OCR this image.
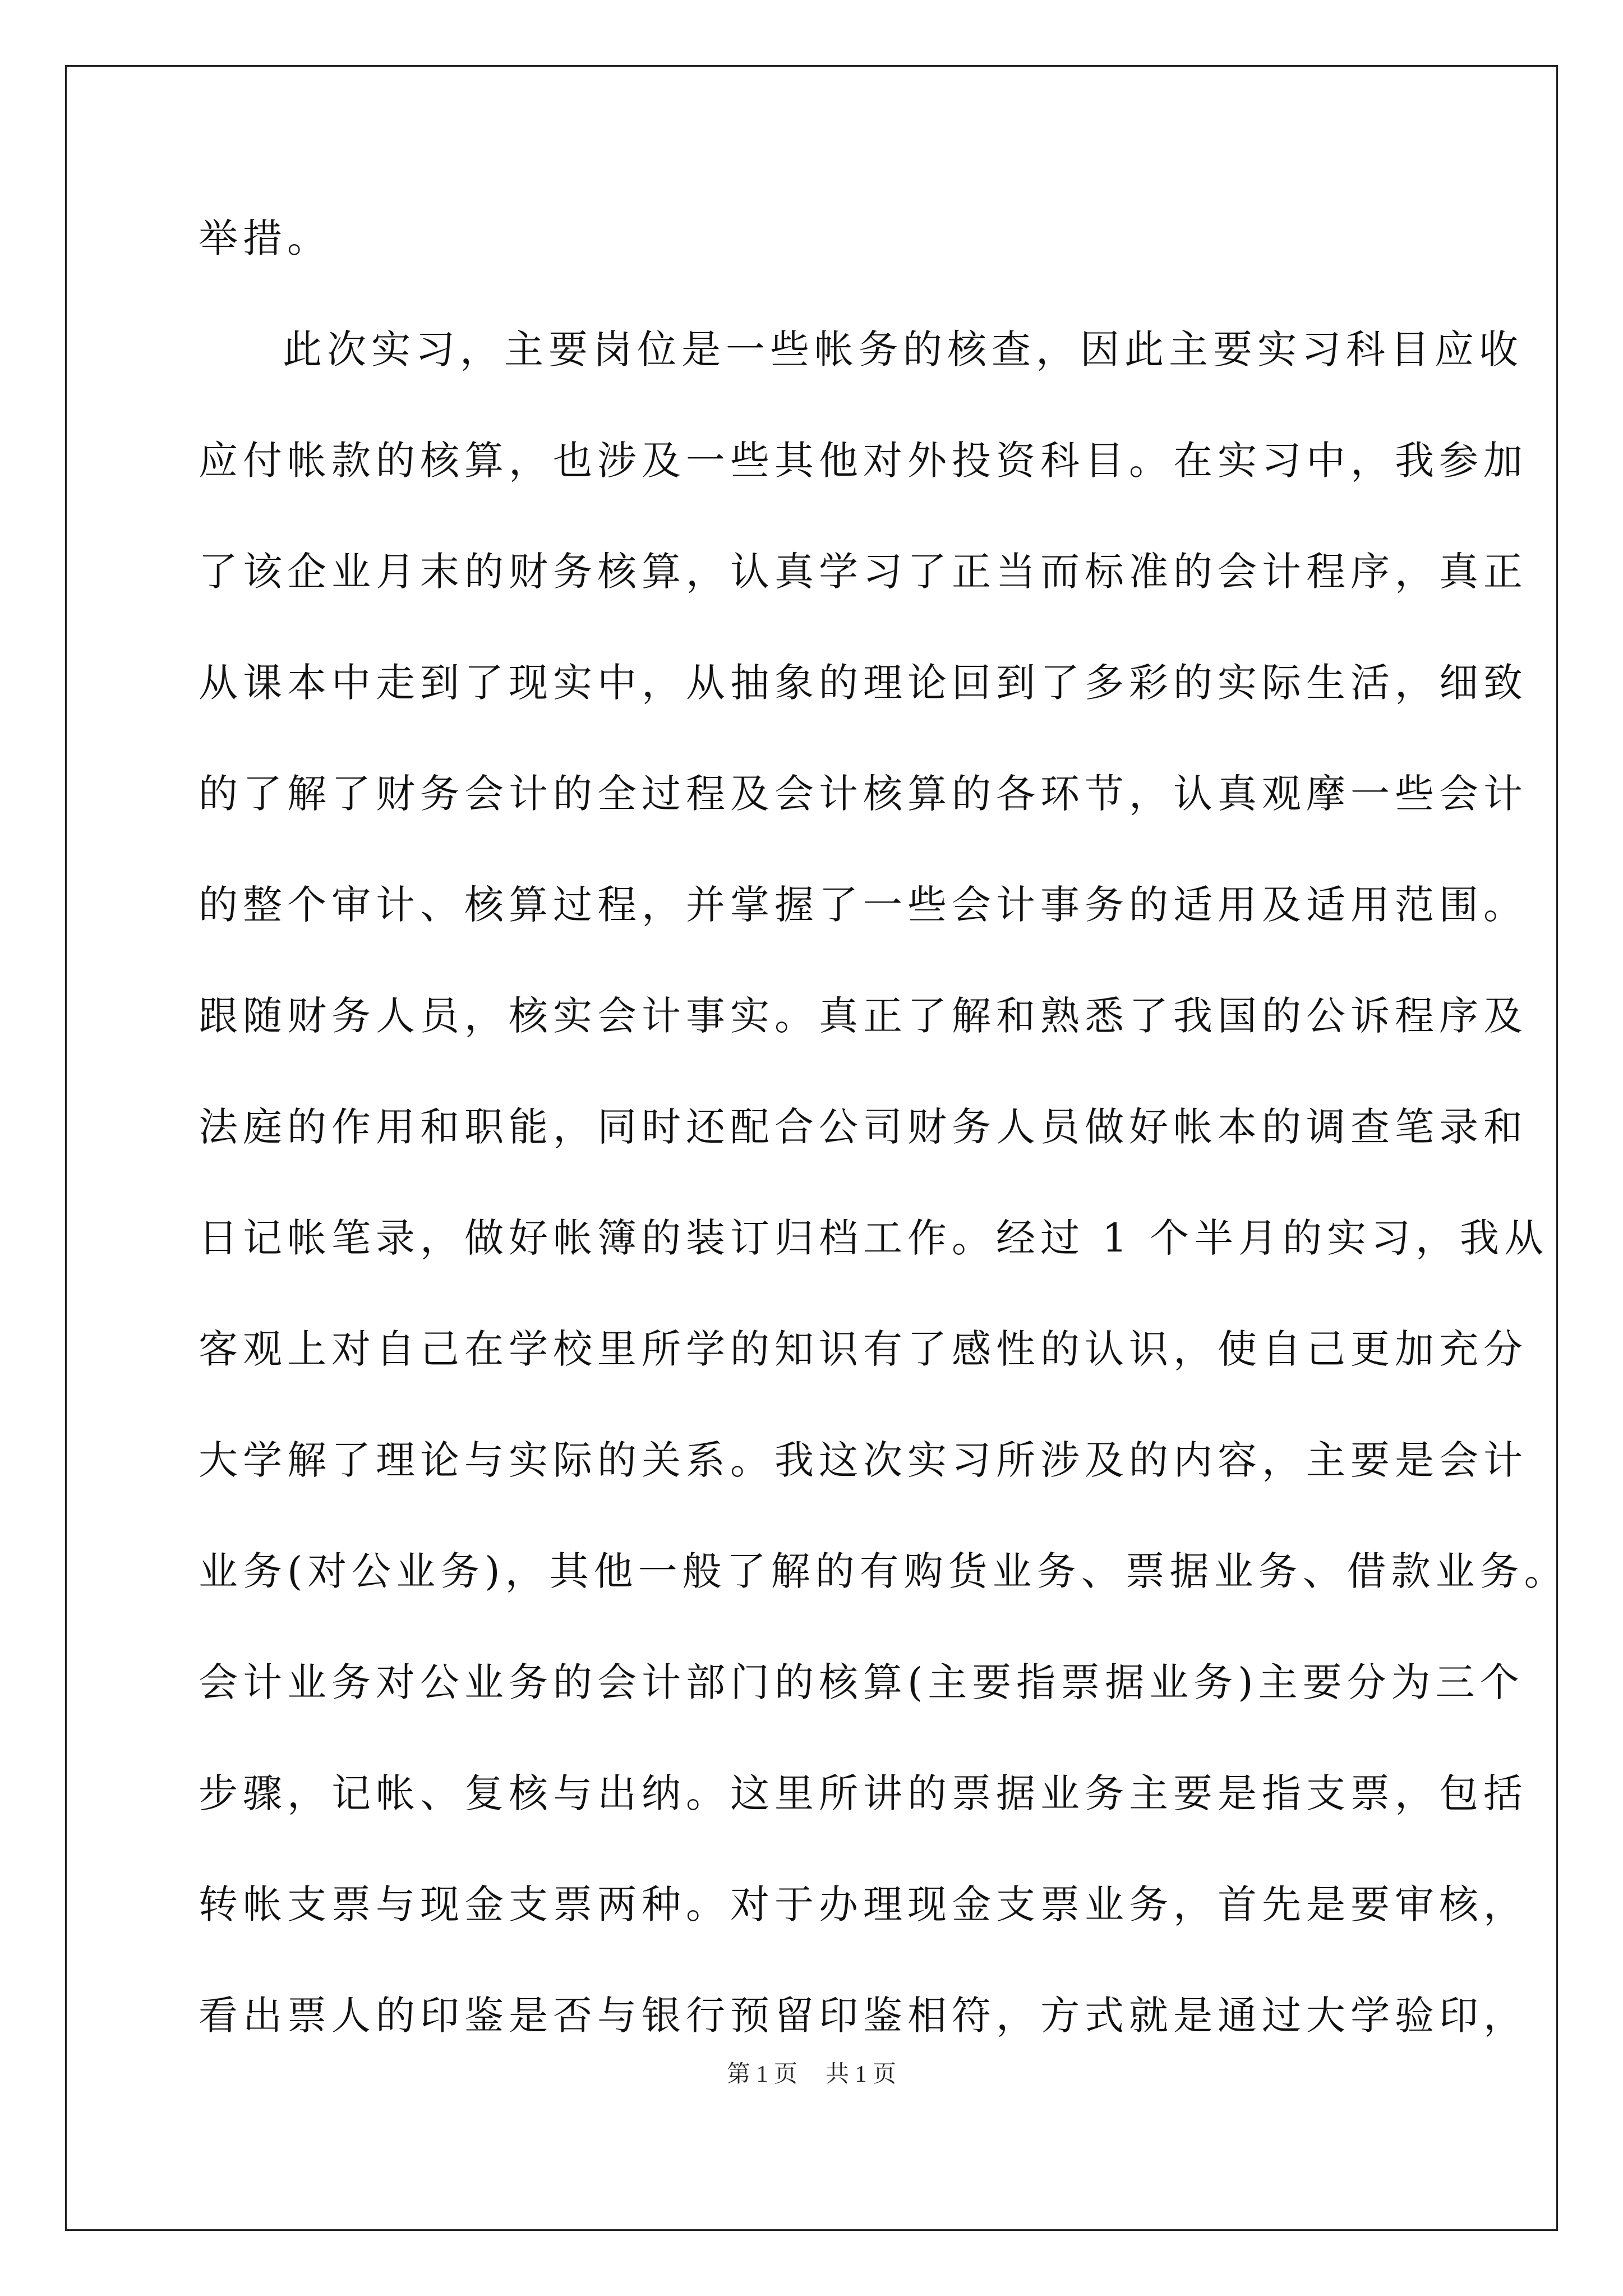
举措。
此次实习，主要岗位是一些帐务的核查，因此主要实习科目应收
应付帐款的核算，也涉及一些其他对外投资科目。在实习中，我参加
了该企业月末的财务核算，认真学习了正当而标准的会计程序，真正
从课本中走到了现实中，从抽象的理论回到了多彩的实际生活，细致
的了解了财务会计的全过程及会计核算的各环节，认真观摩一些会计
的整个审计、核算过程，并掌握了一些会计事务的适用及适用范围。
跟随财务人员，核实会计事实。真正了解和熟悉了我国的公诉程序及
法庭的作用和职能，同时还配合公司财务人员做好帐本的调查笔录和
日记帐笔录，做好帐簿的装订归档工作。经过 1 个半月的实习，我从
客观上对自己在学校里所学的知识有了感性的认识，使自己更加充分
大学解了理论与实际的关系。我这次实习所涉及的内容，主要是会计
业务(对公业务)，其他一般了解的有购货业务、票据业务、借款业务。
会计业务对公业务的会计部门的核算(主要指票据业务)主要分为三个
步骤，记帐、复核与出纳。这里所讲的票据业务主要是指支票，包括
转帐支票与现金支票两种。对于办理现金支票业务，首先是要审核，
看出票人的印鉴是否与银行预留印鉴相符，方式就是通过大学验印，
第 1 页 共 1 页
